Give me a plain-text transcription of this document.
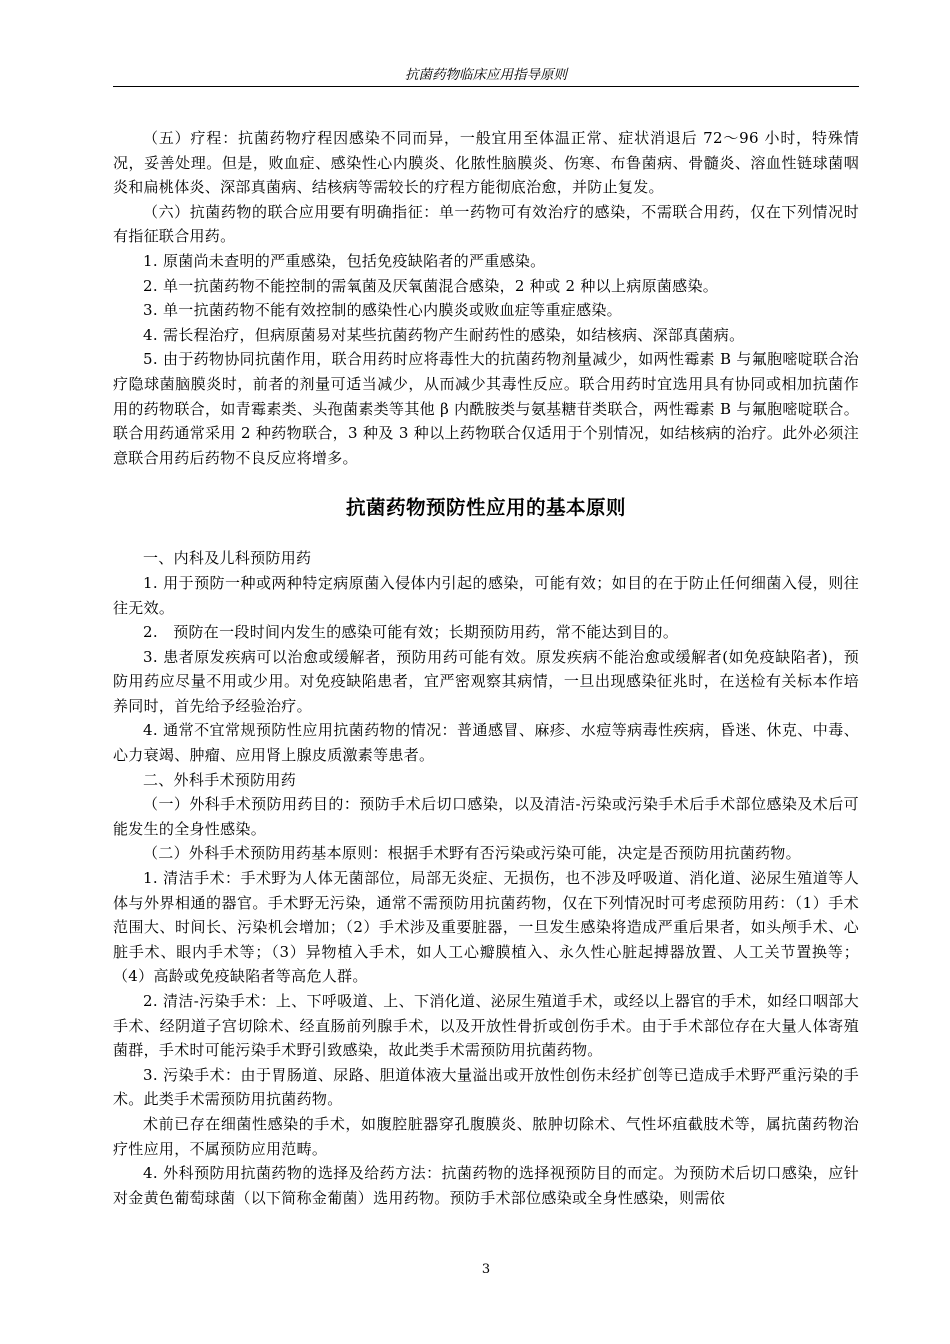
抗菌药物临床应用指导原则

（五）疗程：抗菌药物疗程因感染不同而异，一般宜用至体温正常、症状消退后 72～96 小时，特殊情况，妥善处理。但是，败血症、感染性心内膜炎、化脓性脑膜炎、伤寒、布鲁菌病、骨髓炎、溶血性链球菌咽炎和扁桃体炎、深部真菌病、结核病等需较长的疗程方能彻底治愈，并防止复发。

（六）抗菌药物的联合应用要有明确指征：单一药物可有效治疗的感染，不需联合用药，仅在下列情况时有指征联合用药。

1. 原菌尚未查明的严重感染，包括免疫缺陷者的严重感染。

2. 单一抗菌药物不能控制的需氧菌及厌氧菌混合感染，2 种或 2 种以上病原菌感染。

3. 单一抗菌药物不能有效控制的感染性心内膜炎或败血症等重症感染。

4. 需长程治疗，但病原菌易对某些抗菌药物产生耐药性的感染，如结核病、深部真菌病。

5. 由于药物协同抗菌作用，联合用药时应将毒性大的抗菌药物剂量减少，如两性霉素 B 与氟胞嘧啶联合治疗隐球菌脑膜炎时，前者的剂量可适当减少，从而减少其毒性反应。联合用药时宜选用具有协同或相加抗菌作用的药物联合，如青霉素类、头孢菌素类等其他 β 内酰胺类与氨基糖苷类联合，两性霉素 B 与氟胞嘧啶联合。联合用药通常采用 2 种药物联合，3 种及 3 种以上药物联合仅适用于个别情况，如结核病的治疗。此外必须注意联合用药后药物不良反应将增多。

抗菌药物预防性应用的基本原则

一、内科及儿科预防用药

1. 用于预防一种或两种特定病原菌入侵体内引起的感染，可能有效；如目的在于防止任何细菌入侵，则往往无效。

2.　预防在一段时间内发生的感染可能有效；长期预防用药，常不能达到目的。

3. 患者原发疾病可以治愈或缓解者，预防用药可能有效。原发疾病不能治愈或缓解者(如免疫缺陷者)，预防用药应尽量不用或少用。对免疫缺陷患者，宜严密观察其病情，一旦出现感染征兆时，在送检有关标本作培养同时，首先给予经验治疗。

4. 通常不宜常规预防性应用抗菌药物的情况：普通感冒、麻疹、水痘等病毒性疾病，昏迷、休克、中毒、心力衰竭、肿瘤、应用肾上腺皮质激素等患者。

二、外科手术预防用药

（一）外科手术预防用药目的：预防手术后切口感染，以及清洁-污染或污染手术后手术部位感染及术后可能发生的全身性感染。

（二）外科手术预防用药基本原则：根据手术野有否污染或污染可能，决定是否预防用抗菌药物。

1. 清洁手术：手术野为人体无菌部位，局部无炎症、无损伤，也不涉及呼吸道、消化道、泌尿生殖道等人体与外界相通的器官。手术野无污染，通常不需预防用抗菌药物，仅在下列情况时可考虑预防用药：（1）手术范围大、时间长、污染机会增加；（2）手术涉及重要脏器，一旦发生感染将造成严重后果者，如头颅手术、心脏手术、眼内手术等；（3）异物植入手术，如人工心瓣膜植入、永久性心脏起搏器放置、人工关节置换等；（4）高龄或免疫缺陷者等高危人群。

2. 清洁-污染手术：上、下呼吸道、上、下消化道、泌尿生殖道手术，或经以上器官的手术，如经口咽部大手术、经阴道子宫切除术、经直肠前列腺手术，以及开放性骨折或创伤手术。由于手术部位存在大量人体寄殖菌群，手术时可能污染手术野引致感染，故此类手术需预防用抗菌药物。

3. 污染手术：由于胃肠道、尿路、胆道体液大量溢出或开放性创伤未经扩创等已造成手术野严重污染的手术。此类手术需预防用抗菌药物。

术前已存在细菌性感染的手术，如腹腔脏器穿孔腹膜炎、脓肿切除术、气性坏疽截肢术等，属抗菌药物治疗性应用，不属预防应用范畴。

4. 外科预防用抗菌药物的选择及给药方法：抗菌药物的选择视预防目的而定。为预防术后切口感染，应针对金黄色葡萄球菌（以下简称金葡菌）选用药物。预防手术部位感染或全身性感染，则需依

3
